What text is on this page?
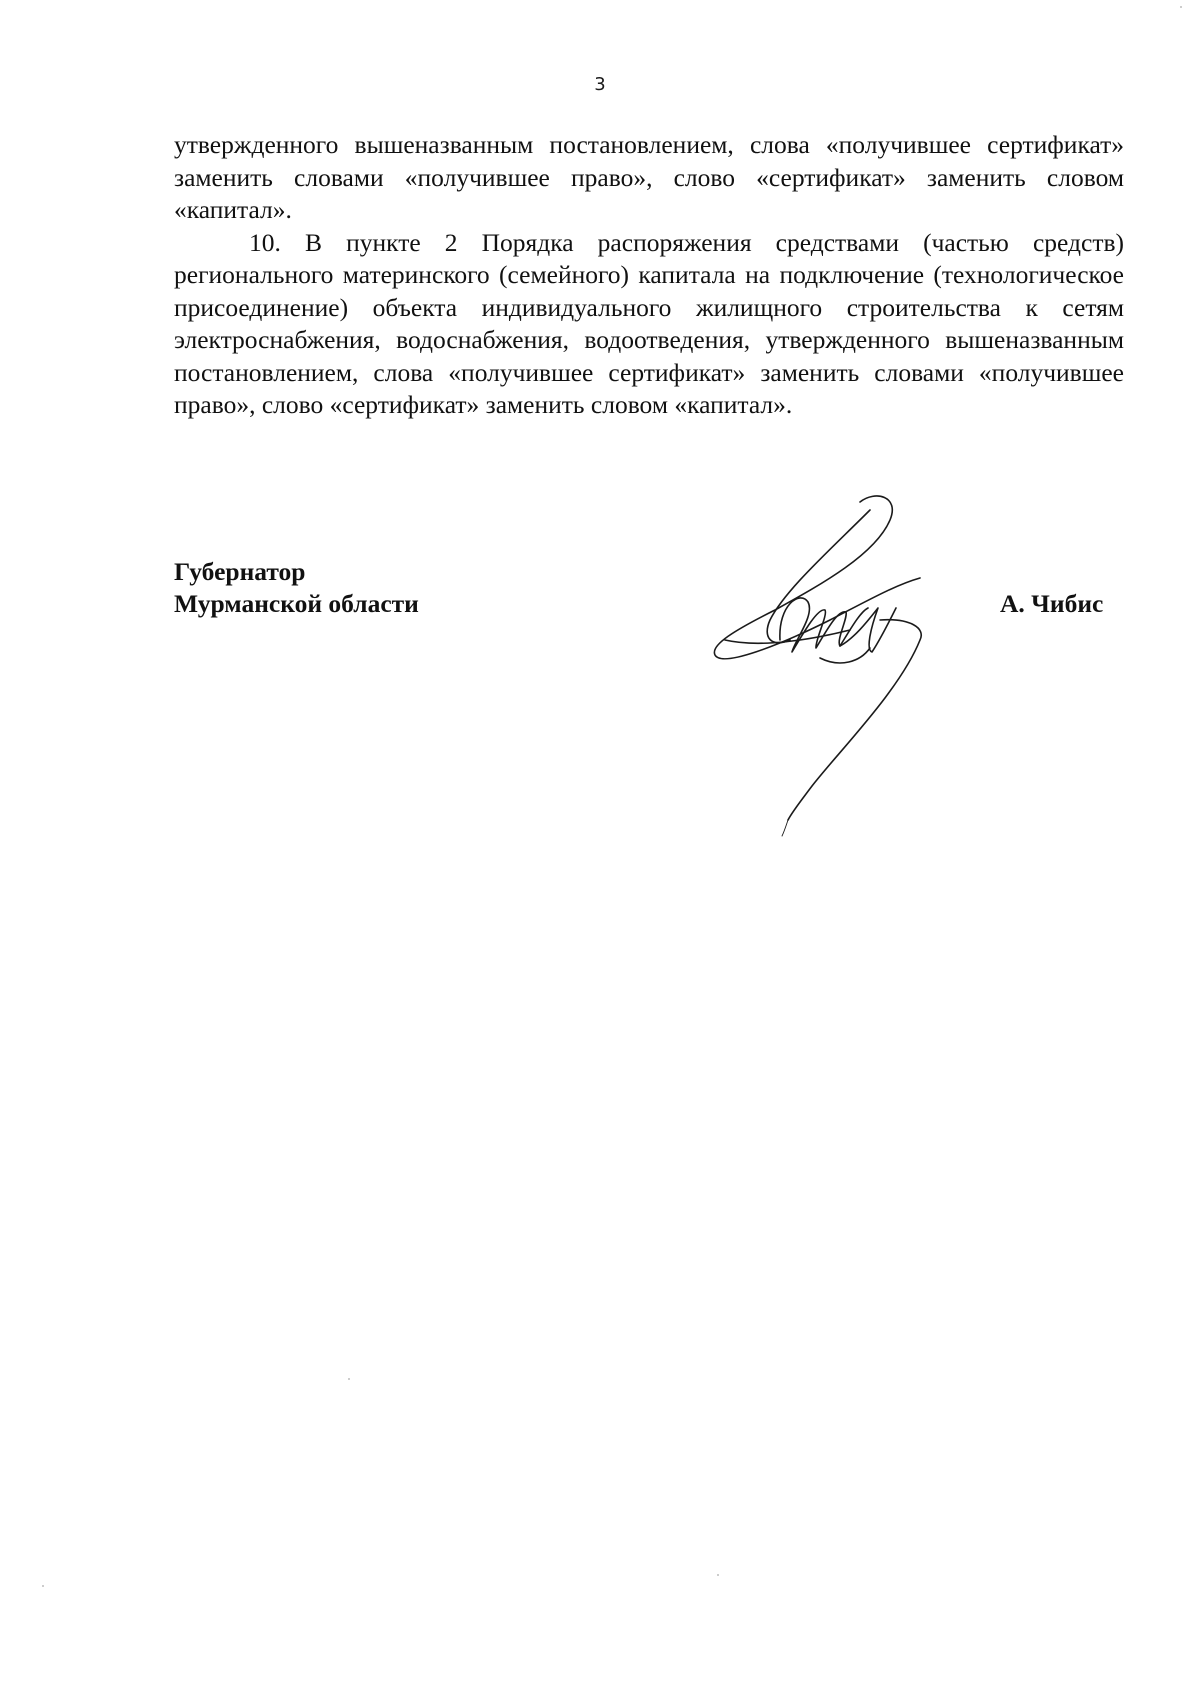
3

утвержденного вышеназванным постановлением, слова «получившее сертификат» заменить словами «получившее право», слово «сертификат» заменить словом «капитал».

10. В пункте 2 Порядка распоряжения средствами (частью средств) регионального материнского (семейного) капитала на подключение (технологическое присоединение) объекта индивидуального жилищного строительства к сетям электроснабжения, водоснабжения, водоотведения, утвержденного вышеназванным постановлением, слова «получившее сертификат» заменить словами «получившее право», слово «сертификат» заменить словом «капитал».

Губернатор
Мурманской области	А. Чибис
